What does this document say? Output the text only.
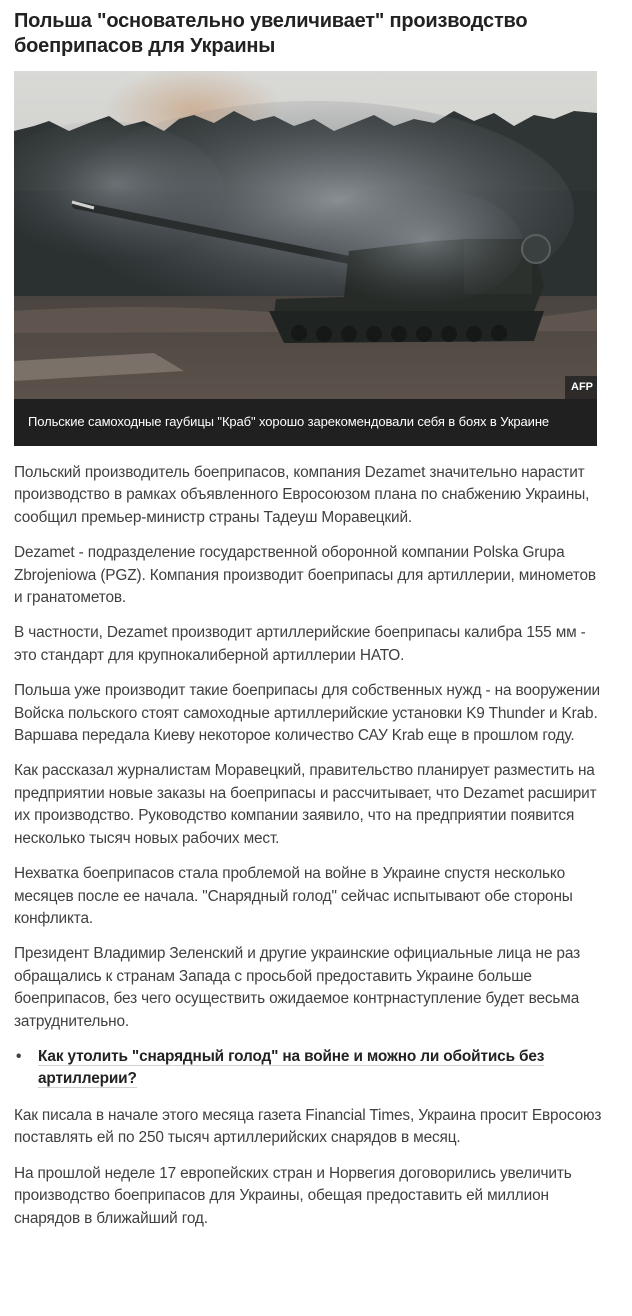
Польша "основательно увеличивает" производство боеприпасов для Украины
AFP
Польские самоходные гаубицы "Краб" хорошо зарекомендовали себя в боях в Украине

Польский производитель боеприпасов, компания Dezamet значительно нарастит производство в рамках объявленного Евросоюзом плана по снабжению Украины, сообщил премьер-министр страны Тадеуш Моравецкий.

Dezamet - подразделение государственной оборонной компании Polska Grupa Zbrojeniowa (PGZ). Компания производит боеприпасы для артиллерии, минометов и гранатометов.

В частности, Dezamet производит артиллерийские боеприпасы калибра 155 мм - это стандарт для крупнокалиберной артиллерии НАТО.

Польша уже производит такие боеприпасы для собственных нужд - на вооружении Войска польского стоят самоходные артиллерийские установки K9 Thunder и Krab. Варшава передала Киеву некоторое количество САУ Krab еще в прошлом году.

Как рассказал журналистам Моравецкий, правительство планирует разместить на предприятии новые заказы на боеприпасы и рассчитывает, что Dezamet расширит их производство. Руководство компании заявило, что на предприятии появится несколько тысяч новых рабочих мест.

Нехватка боеприпасов стала проблемой на войне в Украине спустя несколько месяцев после ее начала. "Снарядный голод" сейчас испытывают обе стороны конфликта.

Президент Владимир Зеленский и другие украинские официальные лица не раз обращались к странам Запада с просьбой предоставить Украине больше боеприпасов, без чего осуществить ожидаемое контрнаступление будет весьма затруднительно.

• Как утолить "снарядный голод" на войне и можно ли обойтись без артиллерии?

Как писала в начале этого месяца газета Financial Times, Украина просит Евросоюз поставлять ей по 250 тысяч артиллерийских снарядов в месяц.

На прошлой неделе 17 европейских стран и Норвегия договорились увеличить производство боеприпасов для Украины, обещая предоставить ей миллион снарядов в ближайший год.
